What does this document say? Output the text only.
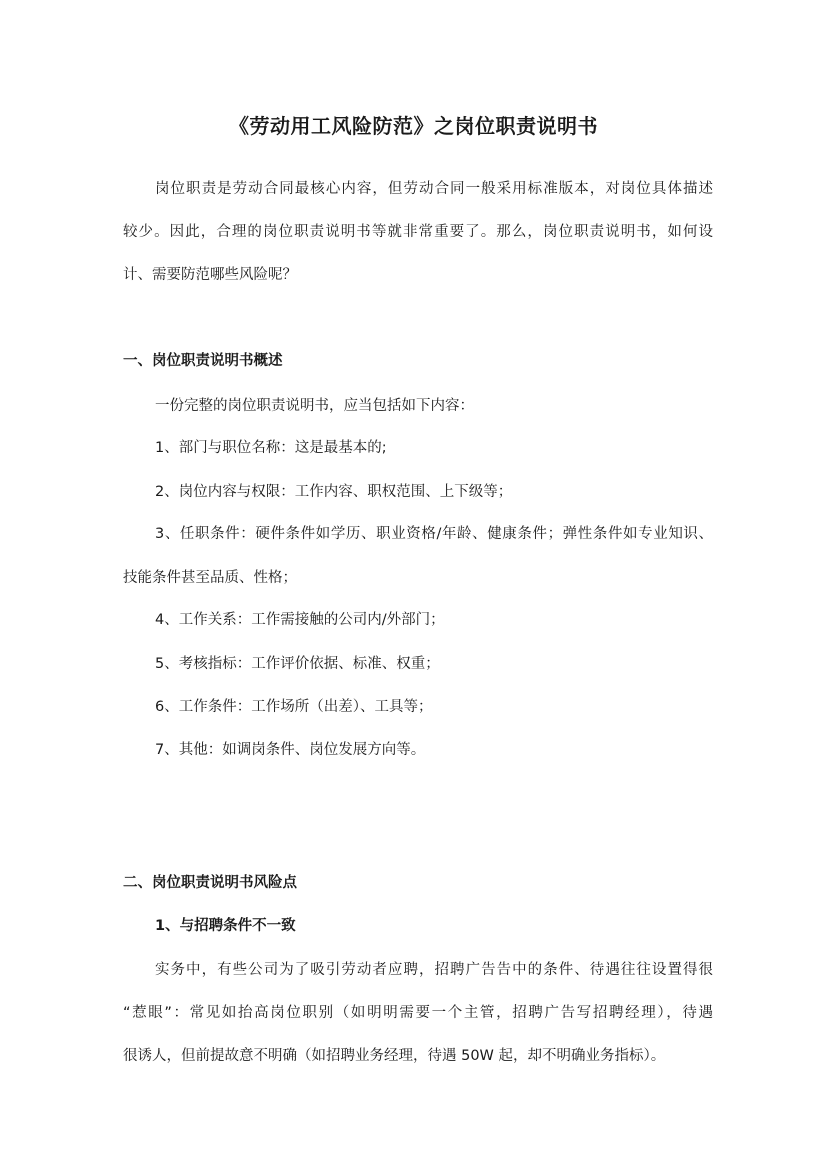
《劳动用工风险防范》之岗位职责说明书
岗位职责是劳动合同最核心内容，但劳动合同一般采用标准版本，对岗位具体描述
较少。因此，合理的岗位职责说明书等就非常重要了。那么，岗位职责说明书，如何设
计、需要防范哪些风险呢？
一、岗位职责说明书概述
一份完整的岗位职责说明书，应当包括如下内容：
1、部门与职位名称：这是最基本的;
2、岗位内容与权限：工作内容、职权范围、上下级等；
3、任职条件：硬件条件如学历、职业资格/年龄、健康条件；弹性条件如专业知识、
技能条件甚至品质、性格；
4、工作关系：工作需接触的公司内/外部门；
5、考核指标：工作评价依据、标准、权重；
6、工作条件：工作场所（出差）、工具等；
7、其他：如调岗条件、岗位发展方向等。
二、岗位职责说明书风险点
1、与招聘条件不一致
实务中，有些公司为了吸引劳动者应聘，招聘广告告中的条件、待遇往往设置得很
“惹眼”：常见如抬高岗位职别（如明明需要一个主管，招聘广告写招聘经理），待遇
很诱人，但前提故意不明确（如招聘业务经理，待遇 50W 起，却不明确业务指标）。
